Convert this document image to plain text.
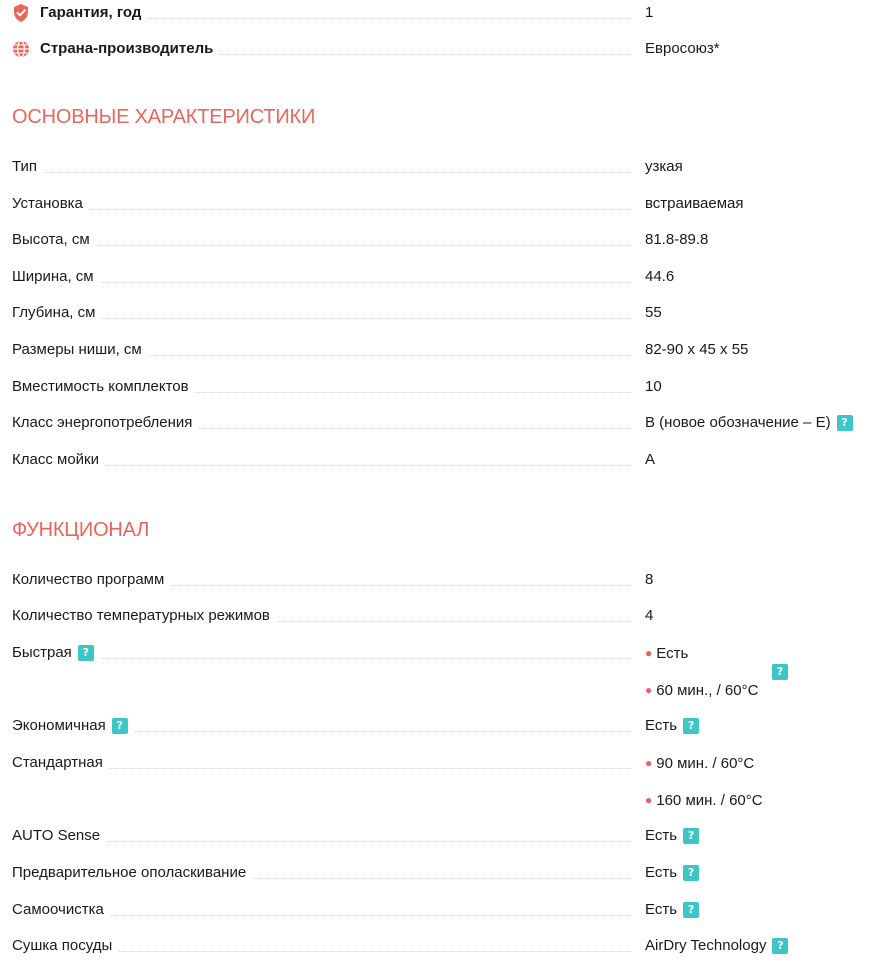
Гарантия, год	1
Страна-производитель	Евросоюз*
ОСНОВНЫЕ ХАРАКТЕРИСТИКИ
Тип	узкая
Установка	встраиваемая
Высота, см	81.8-89.8
Ширина, см	44.6
Глубина, см	55
Размеры ниши, см	82-90 х 45 х 55
Вместимость комплектов	10
Класс энергопотребления	B (новое обозначение – E) ?
Класс мойки	A
ФУНКЦИОНАЛ
Количество программ	8
Количество температурных режимов	4
Быстрая ?	● Есть
● 60 мин., / 60°C
?
Экономичная ?	Есть ?
Стандартная	● 90 мин. / 60°C
● 160 мин. / 60°C
AUTO Sense	Есть ?
Предварительное ополаскивание	Есть ?
Самоочистка	Есть ?
Сушка посуды	AirDry Technology ?
